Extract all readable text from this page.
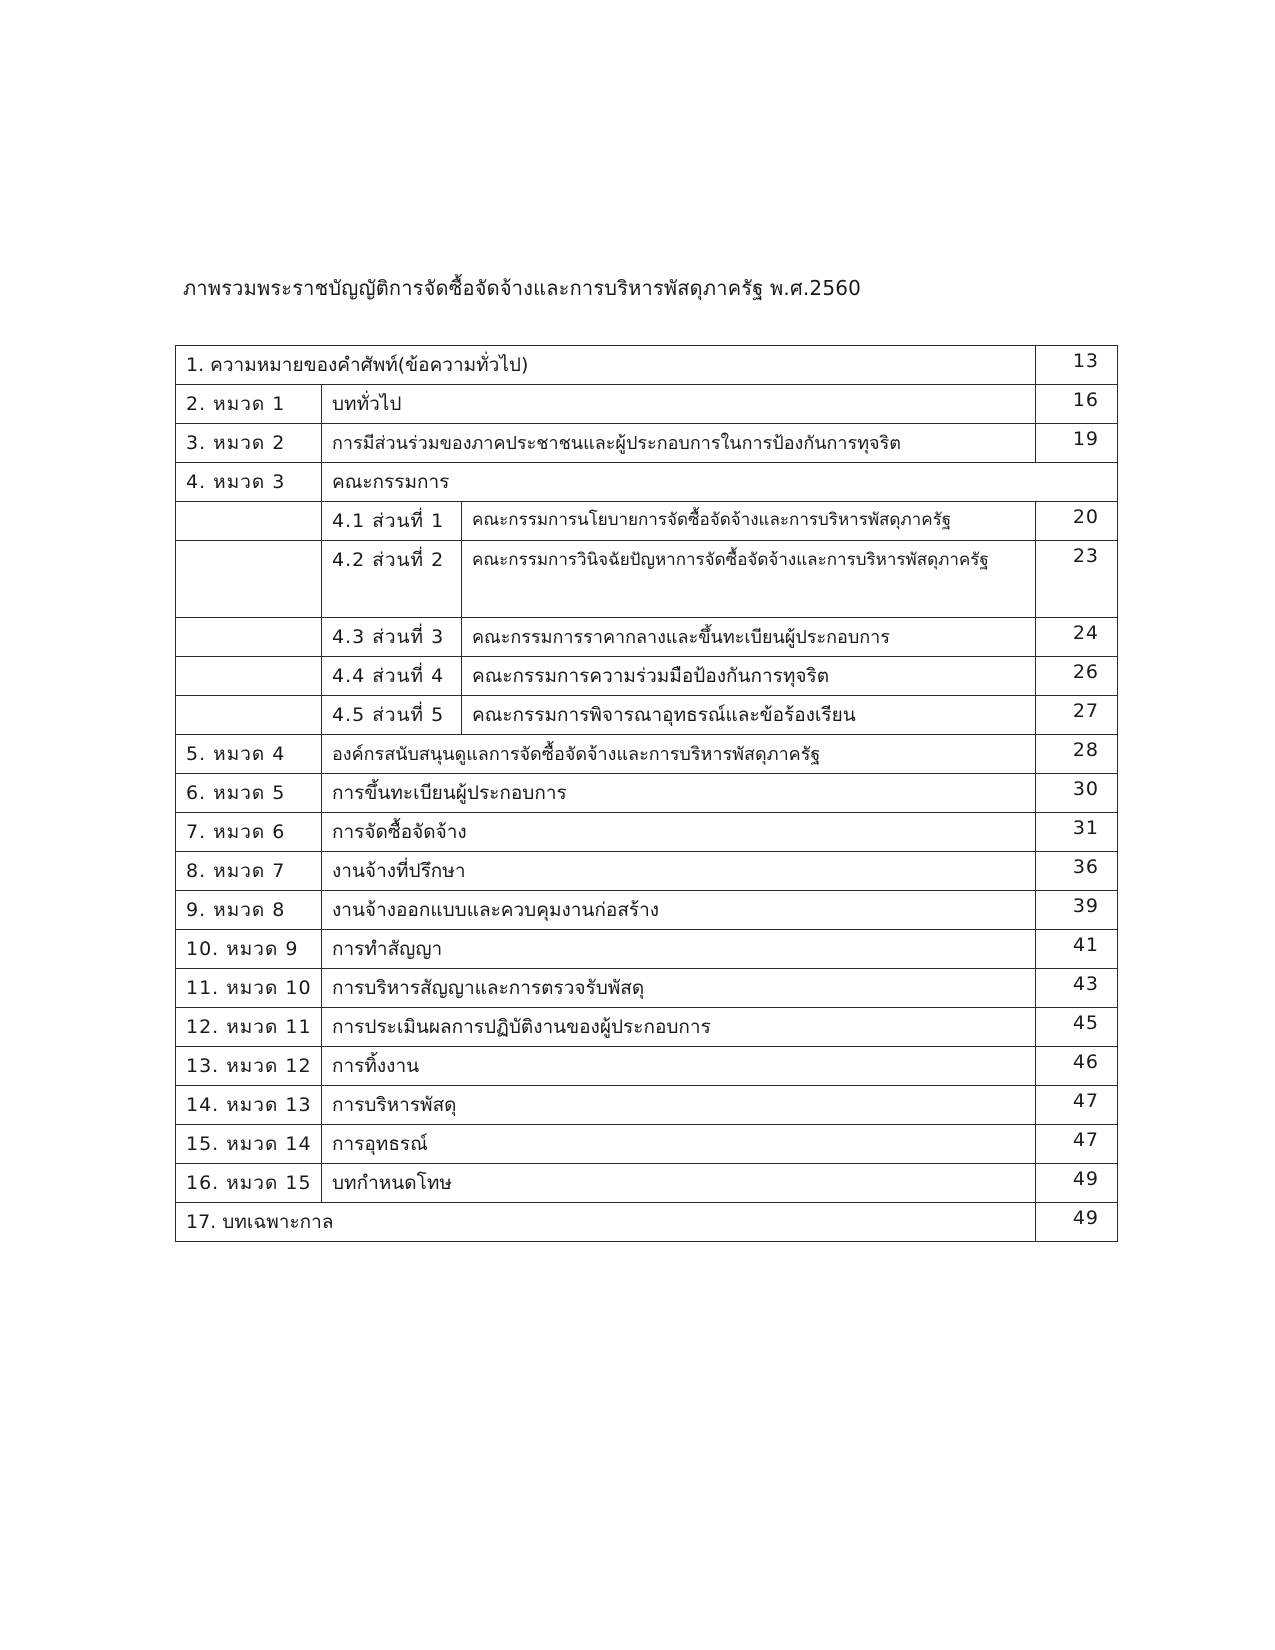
ภาพรวมพระราชบัญญัติการจัดซื้อจัดจ้างและการบริหารพัสดุภาครัฐ พ.ศ.2560
1. ความหมายของคำศัพท์(ข้อความทั่วไป)			13
2. หมวด 1	บททั่วไป		16
3. หมวด 2	การมีส่วนร่วมของภาคประชาชนและผู้ประกอบการในการป้องกันการทุจริต		19
4. หมวด 3	คณะกรรมการ		
	4.1 ส่วนที่ 1	คณะกรรมการนโยบายการจัดซื้อจัดจ้างและการบริหารพัสดุภาครัฐ	20
	4.2 ส่วนที่ 2	คณะกรรมการวินิจฉัยปัญหาการจัดซื้อจัดจ้างและการบริหารพัสดุภาครัฐ	23
	4.3 ส่วนที่ 3	คณะกรรมการราคากลางและขึ้นทะเบียนผู้ประกอบการ	24
	4.4 ส่วนที่ 4	คณะกรรมการความร่วมมือป้องกันการทุจริต	26
	4.5 ส่วนที่ 5	คณะกรรมการพิจารณาอุทธรณ์และข้อร้องเรียน	27
5. หมวด 4	องค์กรสนับสนุนดูแลการจัดซื้อจัดจ้างและการบริหารพัสดุภาครัฐ		28
6. หมวด 5	การขึ้นทะเบียนผู้ประกอบการ		30
7. หมวด 6	การจัดซื้อจัดจ้าง		31
8. หมวด 7	งานจ้างที่ปรึกษา		36
9. หมวด 8	งานจ้างออกแบบและควบคุมงานก่อสร้าง		39
10. หมวด 9	การทำสัญญา		41
11. หมวด 10	การบริหารสัญญาและการตรวจรับพัสดุ		43
12. หมวด 11	การประเมินผลการปฏิบัติงานของผู้ประกอบการ		45
13. หมวด 12	การทิ้งงาน		46
14. หมวด 13	การบริหารพัสดุ		47
15. หมวด 14	การอุทธรณ์		47
16. หมวด 15	บทกำหนดโทษ		49
17. บทเฉพาะกาล			49
